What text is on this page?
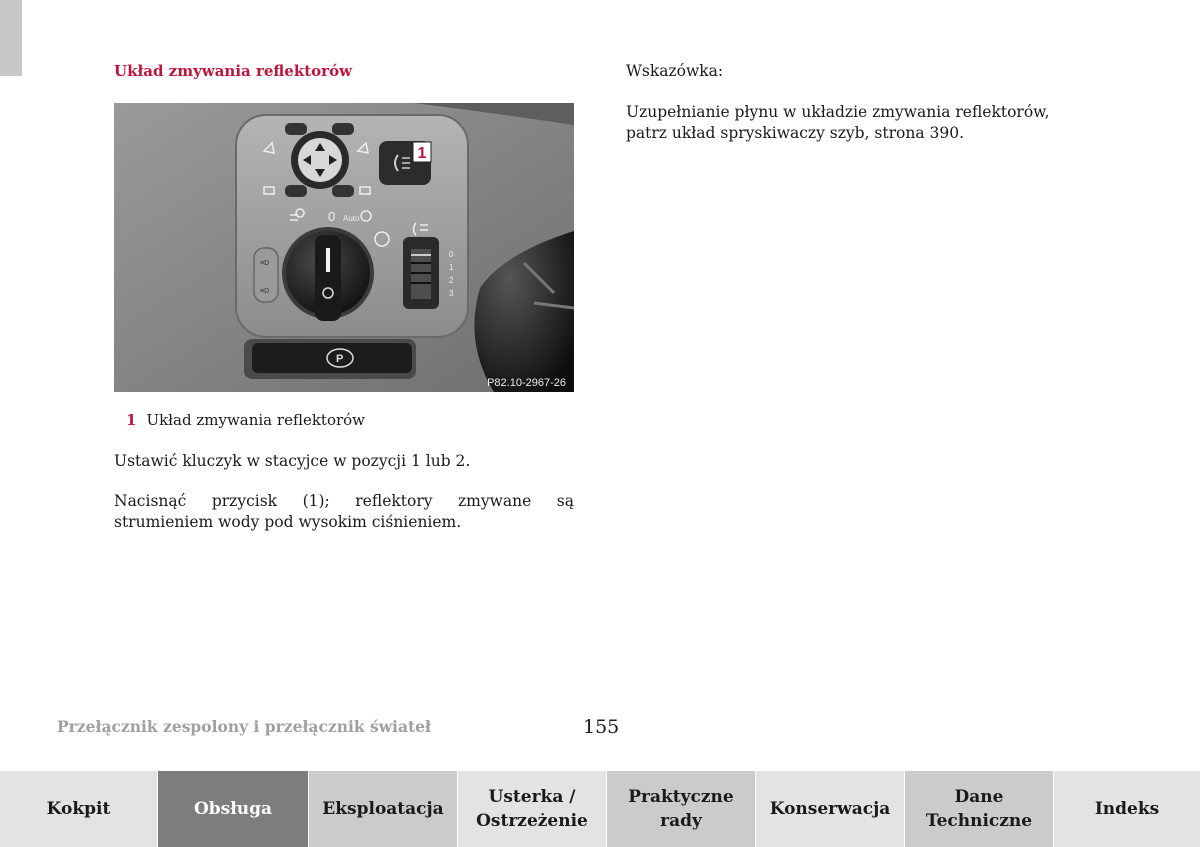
Układ zmywania reflektorów
1
0 Auto
≡D
≡D
0
1
2
3
P
P82.10-2967-26
1 Układ zmywania reflektorów

Ustawić kluczyk w stacyjce w pozycji 1 lub 2.

Nacisnąć przycisk (1); reflektory zmywane są strumieniem wody pod wysokim ciśnieniem.

Wskazówka:
Uzupełnianie płynu w układzie zmywania reflektorów, patrz układ spryskiwaczy szyb, strona 390.
Przełącznik zespolony i przełącznik świateł	155
Kokpit	Obsługa	Eksploatacja
Usterka /
Ostrzeżenie
Praktyczne
rady
Konserwacja
Dane
Techniczne
Indeks
